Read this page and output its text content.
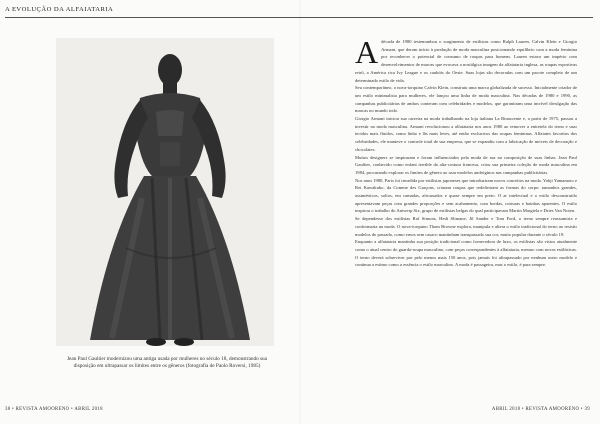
A EVOLUÇÃO DA ALFAIATARIA
Jean Paul Gaultier modernizou uma antiga usada por mulheres no século 18, demonstrando sua disposição em ultrapassar os limites entre os gêneros (fotografia de Paolo Roversi, 1985)

A década de 1980 testemunhou o surgimento de estilistas como Ralph Lauren, Calvin Klein e Giorgio Armani, que deram início à produção de moda masculina posicionando equilíbrio com a moda feminina por reconhecer o potencial de consumo de roupas para homens. Lauren estava um império com desenvolvimentos de marcas que evocava a nostálgica imagem da alfaiataria inglesa, as roupas esportivas retrô, a América rica Ivy League e os caubóis do Oeste. Suas lojas são decoradas com um pacote completo de um determinado estilo de vida.

Seu contemporâneo, o nova-iorquino Calvin Klein, construiu uma marca globalizada de sucesso. Inicialmente criador de um estilo minimalista para mulheres, ele lançou uma linha de moda masculina. Nas décadas de 1980 e 1990, as campanhas publicitárias de ambos conteram com celebridades e modelos, que garantiram uma incrível divulgação das marcas no mundo todo.

Giorgio Armani iniciou sua carreira na moda trabalhando na loja italiana La Rinascente e, a partir de 1975, passou a investir na moda masculina. Armani revolucionou a alfaiataria nos anos 1980 ao remover a entretela do terno e usar tecidos mais fluidos, como linho e lãs mais leves, até então exclusivos das roupas femininas. Alfaiates favoritos dos celebridades, ele manteve o controle total de sua empresa, que se expandiu com a fabricação de móveis de decoração e chocolates.

Muitos designers se inspiraram e foram influenciados pela moda de rua na composição de suas linhas. Jean Paul Gaultier, conhecido como enfant terrible da alta-costura francesa, criou sua primeira coleção de moda masculina em 1984, procurando explorar os limites de gênero ao usar modelos andróginos nas campanhas publicitárias.

Nos anos 1980, Paris foi invadida por estilistas japoneses que introduziram novos conceitos na moda. Yohji Yamamoto e Rei Kawakubo, da Comme des Garçons, criaram roupas que redefiniram as formas do corpo: tamanhos grandes, assimétricos, soltos, em camadas, afrouxados e quase sempre em preto. O ar intelectual e o estilo desconstruído apresentavam peças com grandes proporções e sem acabamento, com bordas, costuras e bainhas aparentes. O estilo inspirou o trabalho do Antwerp Six, grupo de estilistas belgas do qual participavam Martin Margiela e Dries Van Noten.

Se dependesse dos estilistas Raf Simons, Hedi Slimane, Jil Sander e Tom Ford, o terno sempre reassumiria e conformaria na moda. O nova-iorquino Thom Browne explora, manipula e altera o estilo tradicional do terno ao resistir modelos do passado, como ernos sem casaco mantinham transpassado sua cor, muito popular durante o século 19.

Enquanto a alfaiataria mantinha sua posição tradicional como fornecedora de luxo, os estilistas são vistos atualmente como o atual centro do guarda-roupa masculino, com peças correspondentes à alfaiataria, mesmo com novas estilísticas. O terno deverá sobreviver por pelo menos mais 150 anos, pois jamais foi ultrapassado por nenhum outro modelo e continua a estimo como a essência o estilo masculino. A moda é passageira, mas o estilo, é para sempre.

38 • REVISTA AMOORENO • ABRIL 2018	ABRIL 2018 • REVISTA AMOORENO • 39
